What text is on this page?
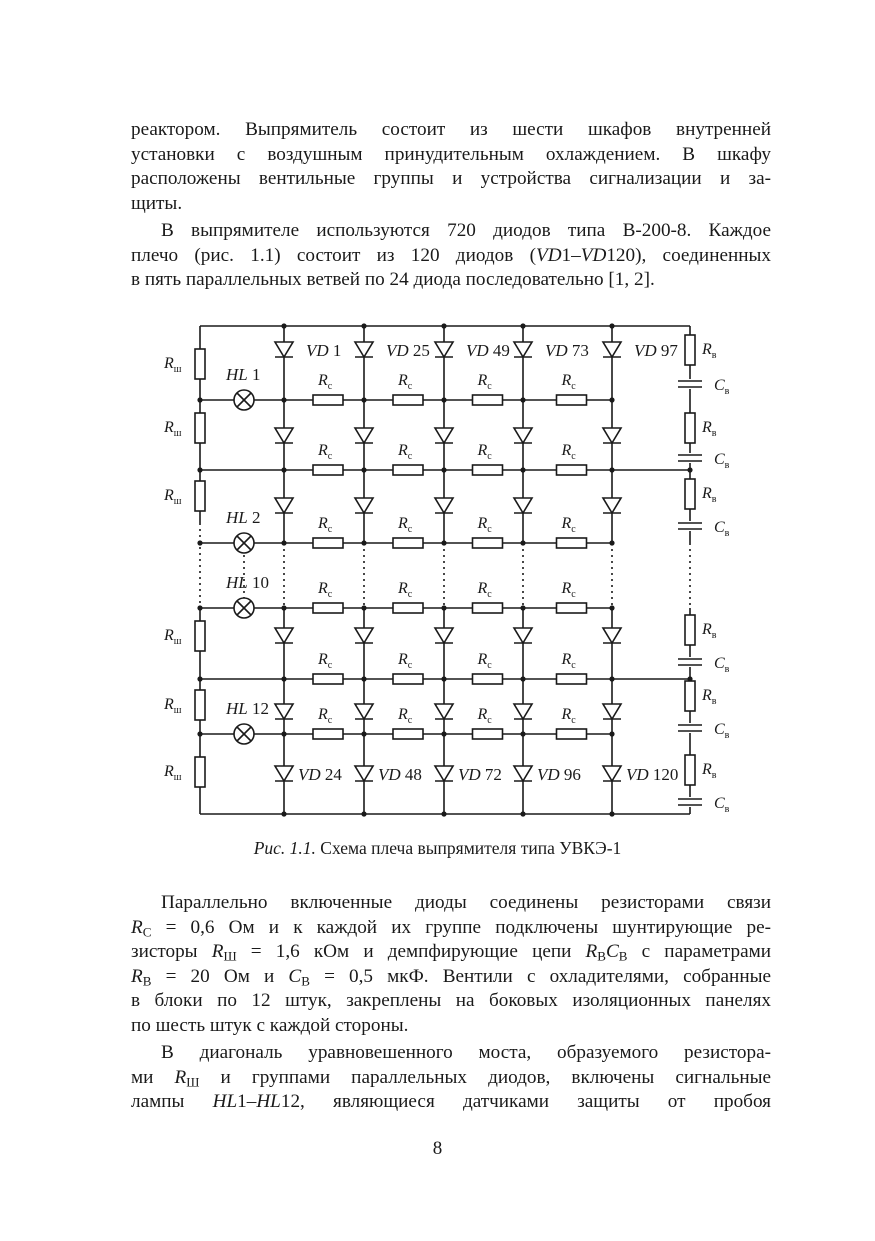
реактором. Выпрямитель состоит из шести шкафов внутренней
установки с воздушным принудительным охлаждением. В шкафу
расположены вентильные группы и устройства сигнализации и за-
щиты.
В выпрямителе используются 720 диодов типа В-200-8. Каждое
плечо (рис. 1.1) состоит из 120 диодов (VD1–VD120), соединенных
в пять параллельных ветвей по 24 диода последовательно [1, 2].
HL 1
HL 2
HL 10
HL 12
$R_с$	$R_с$	$R_с$	$R_с$
$R_с$	$R_с$	$R_с$	$R_с$
$R_с$	$R_с$	$R_с$	$R_с$
$R_с$	$R_с$	$R_с$	$R_с$
$R_с$	$R_с$	$R_с$	$R_с$
$R_с$	$R_с$	$R_с$	$R_с$
VD 1	VD 25 VD 49 VD 73	VD 97
VD 24 VD 48 VD 72 VD 96	VD 120
$R_ш$
$R_ш$
$R_ш$
$R_ш$
$R_ш$
$R_ш$
$R_в$
$C_в$
$R_в$
$C_в$
$R_в$
$C_в$
$R_в$
$C_в$
$R_в$
$C_в$
$R_в$
$C_в$
Рис. 1.1. Схема плеча выпрямителя типа УВКЭ-1
Параллельно включенные диоды соединены резисторами связи
$R_С = 0,6$ Ом и к каждой их группе подключены шунтирующие ре-
зисторы $R_Ш = 1,6$ кОм и демпфирующие цепи $R_ВC_В$ с параметрами
$R_В = 20$ Ом и $C_В = 0,5$ мкФ. Вентили с охладителями, собранные
в блоки по 12 штук, закреплены на боковых изоляционных панелях
по шесть штук с каждой стороны.
В диагональ уравновешенного моста, образуемого резистора-
ми $R_Ш$ и группами параллельных диодов, включены сигнальные
лампы HL1–HL12, являющиеся датчиками защиты от пробоя
8
